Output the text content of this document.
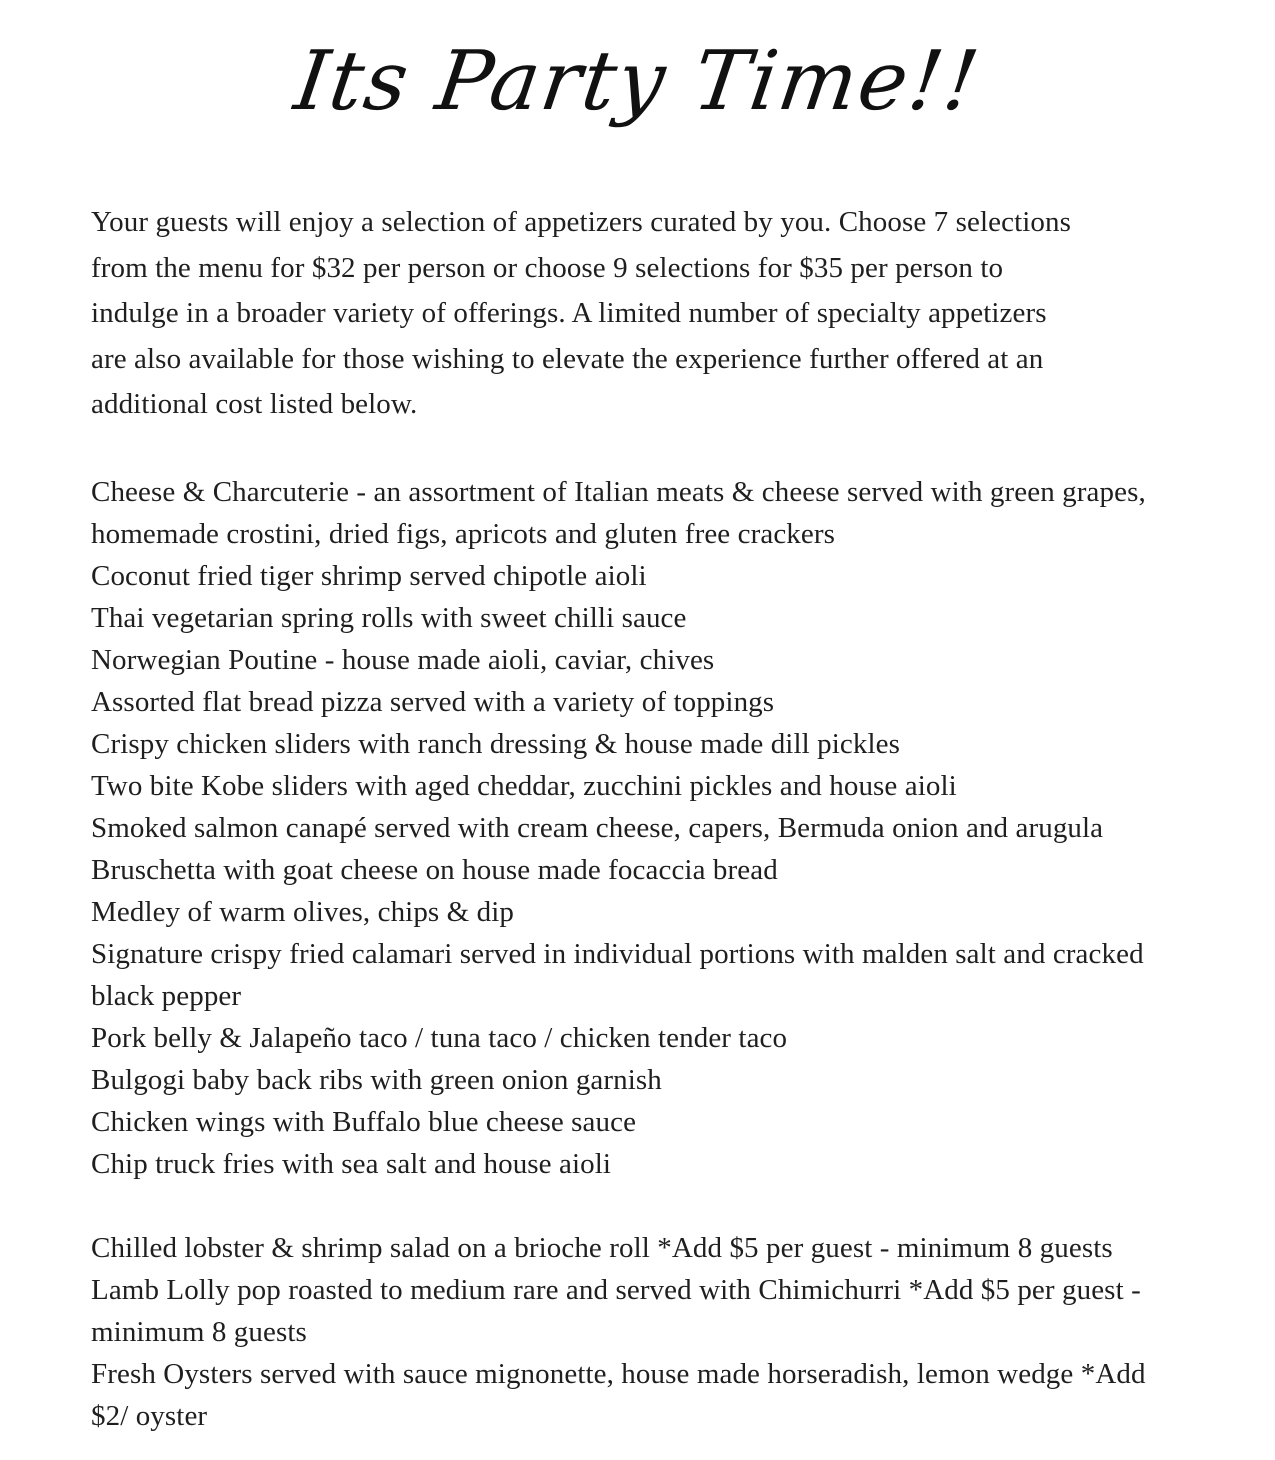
Its Party Time!!

Your guests will enjoy a selection of appetizers curated by you. Choose 7 selections

from the menu for $32 per person or choose 9 selections for $35 per person to

indulge in a broader variety of offerings. A limited number of specialty appetizers

are also available for those wishing to elevate the experience further offered at an

additional cost listed below.

Cheese & Charcuterie - an assortment of Italian meats & cheese served with green grapes,

homemade crostini, dried figs, apricots and gluten free crackers

Coconut fried tiger shrimp served chipotle aioli

Thai vegetarian spring rolls with sweet chilli sauce

Norwegian Poutine - house made aioli, caviar, chives

Assorted flat bread pizza served with a variety of toppings

Crispy chicken sliders with ranch dressing & house made dill pickles

Two bite Kobe sliders with aged cheddar, zucchini pickles and house aioli

Smoked salmon canapé served with cream cheese, capers, Bermuda onion and arugula

Bruschetta with goat cheese on house made focaccia bread

Medley of warm olives, chips & dip

Signature crispy fried calamari served in individual portions with malden salt and cracked

black pepper

Pork belly & Jalapeño taco / tuna taco / chicken tender taco

Bulgogi baby back ribs with green onion garnish

Chicken wings with Buffalo blue cheese sauce

Chip truck fries with sea salt and house aioli

Chilled lobster & shrimp salad on a brioche roll *Add $5 per guest - minimum 8 guests

Lamb Lolly pop roasted to medium rare and served with Chimichurri *Add $5 per guest -

minimum 8 guests

Fresh Oysters served with sauce mignonette, house made horseradish, lemon wedge *Add

$2/ oyster
